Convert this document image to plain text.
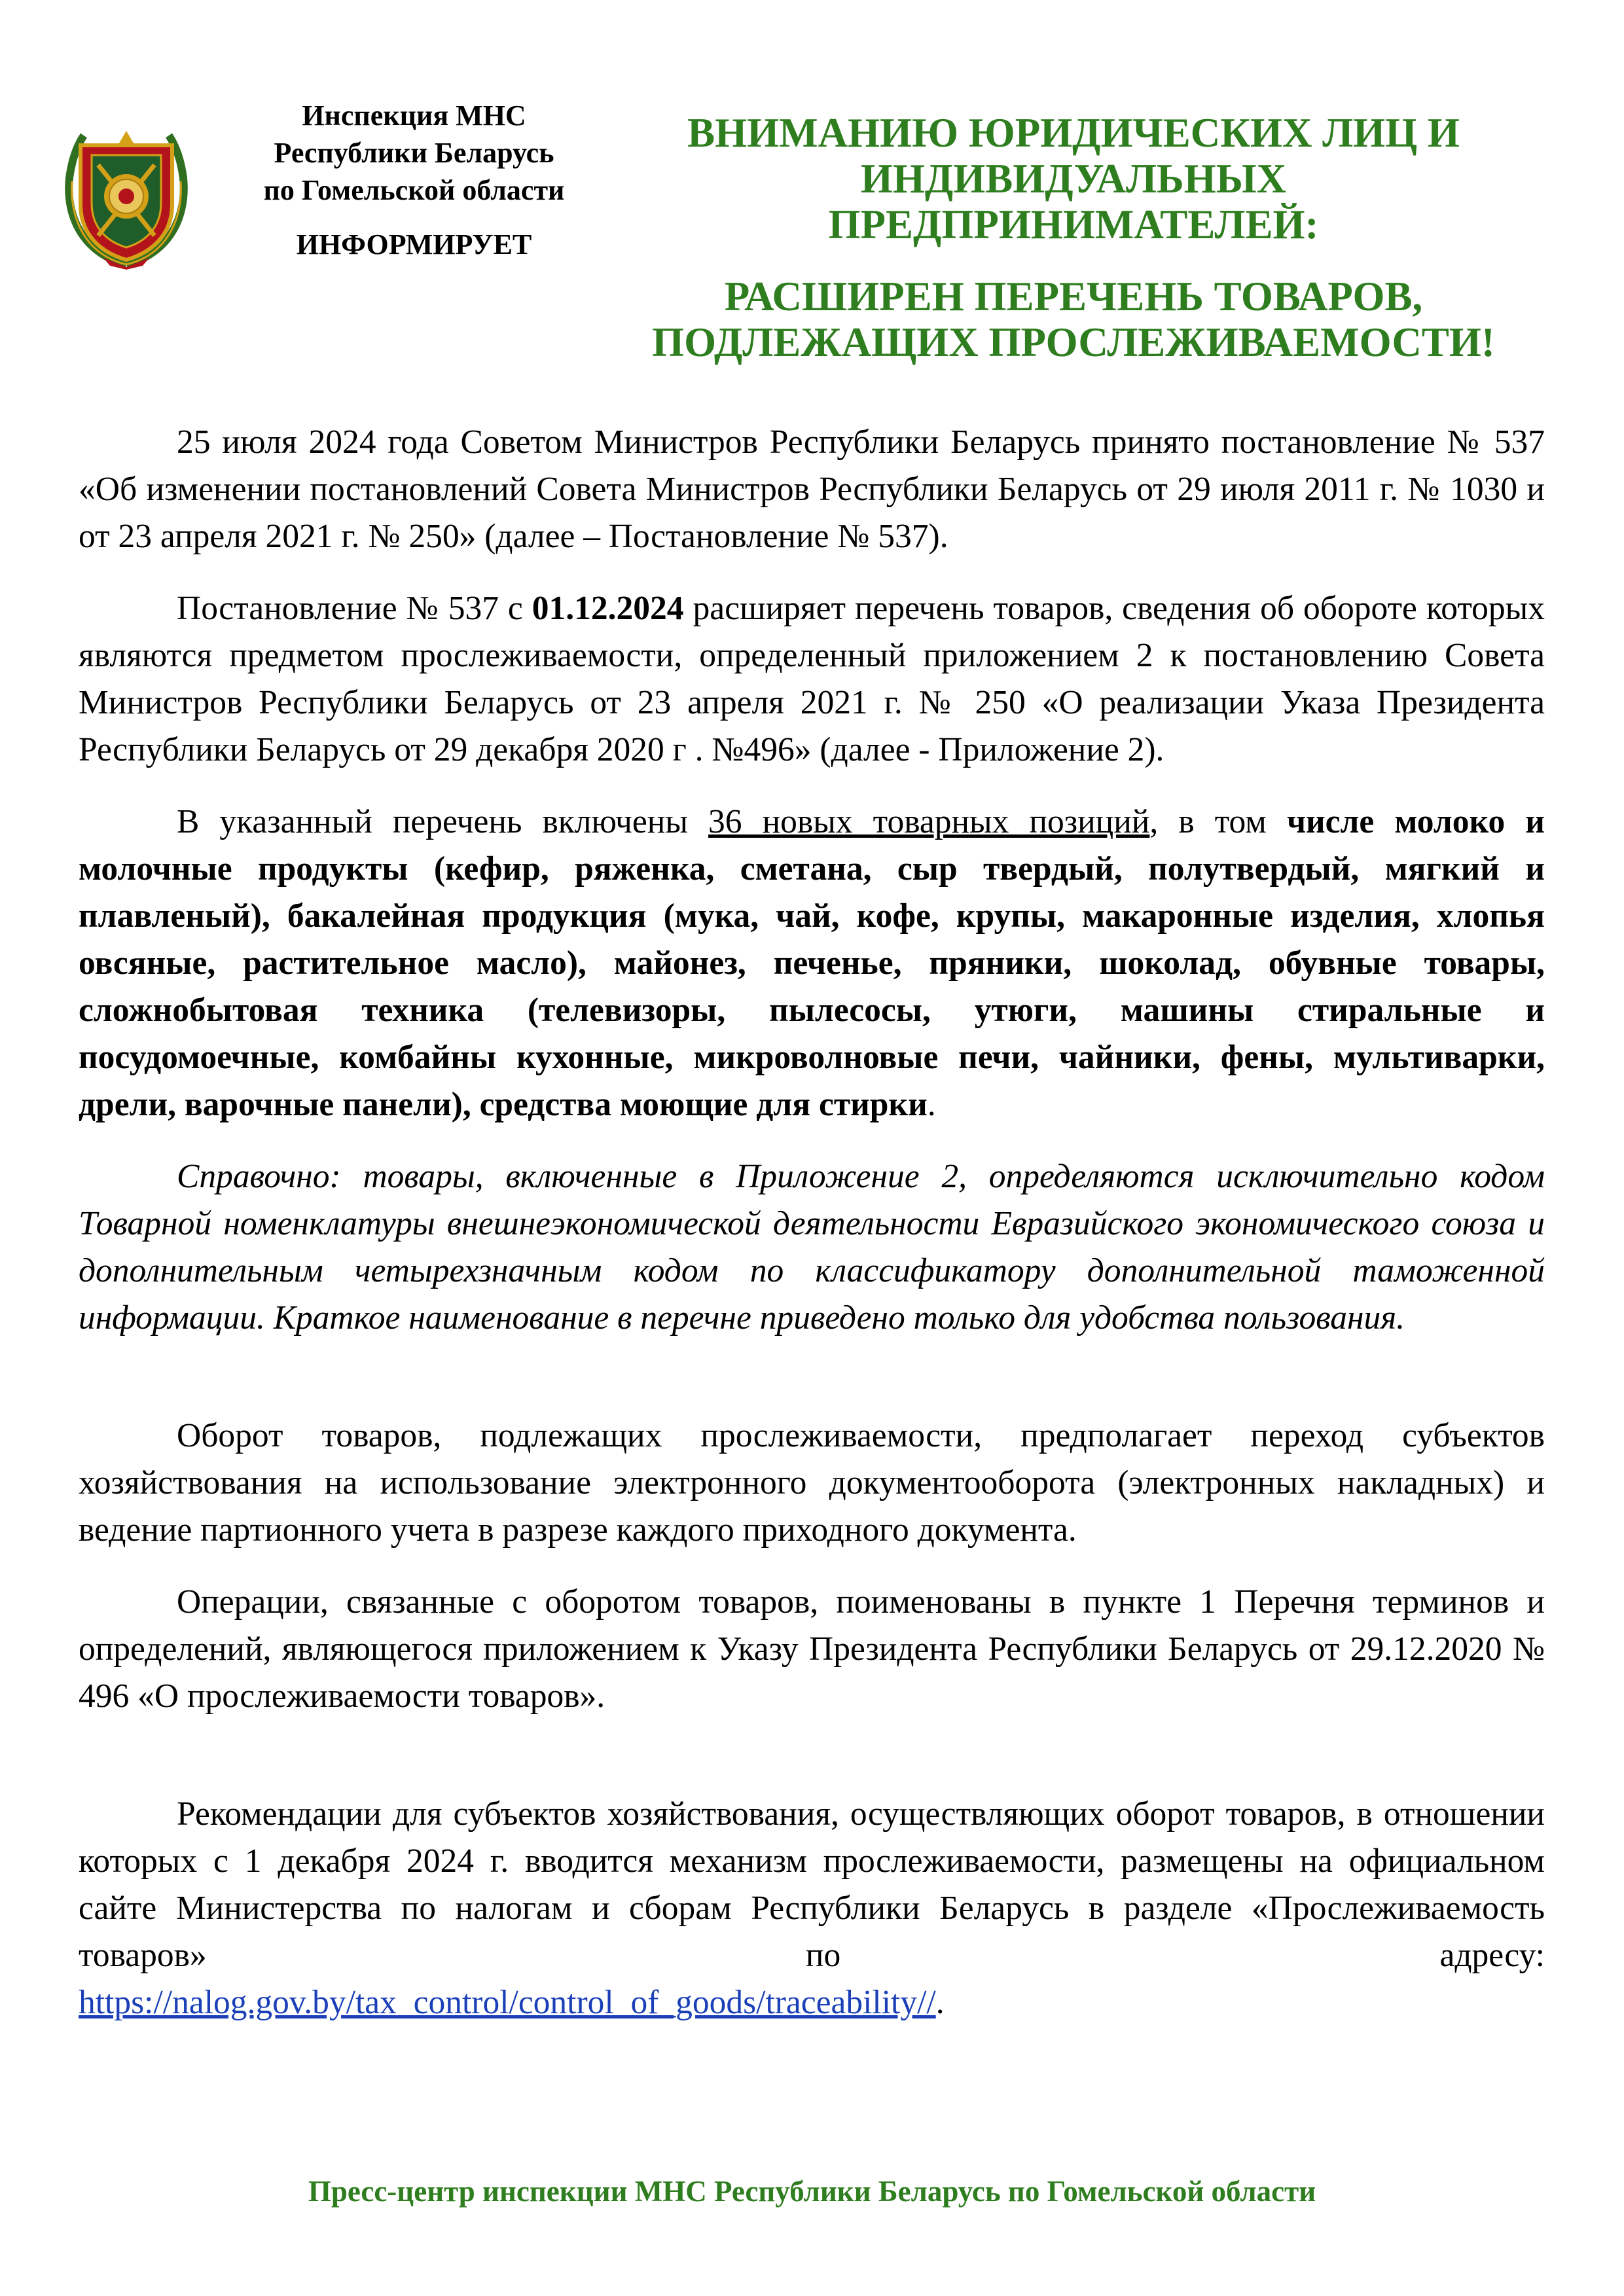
Инспекция МНС
Республики Беларусь
по Гомельской области
ИНФОРМИРУЕТ
ВНИМАНИЮ ЮРИДИЧЕСКИХ ЛИЦ И
ИНДИВИДУАЛЬНЫХ
ПРЕДПРИНИМАТЕЛЕЙ:
РАСШИРЕН ПЕРЕЧЕНЬ ТОВАРОВ,
ПОДЛЕЖАЩИХ ПРОСЛЕЖИВАЕМОСТИ!

25 июля 2024 года Советом Министров Республики Беларусь принято постановление № 537 «Об изменении постановлений Совета Министров Республики Беларусь от 29 июля 2011 г. № 1030 и от 23 апреля 2021 г. № 250» (далее – Постановление № 537).

Постановление № 537 с 01.12.2024 расширяет перечень товаров, сведения об обороте которых являются предметом прослеживаемости, определенный приложением 2 к постановлению Совета Министров Республики Беларусь от 23 апреля 2021 г. № 250 «О реализации Указа Президента Республики Беларусь от 29 декабря 2020 г . №496» (далее - Приложение 2).

В указанный перечень включены 36 новых товарных позиций, в том числе молоко и молочные продукты (кефир, ряженка, сметана, сыр твердый, полутвердый, мягкий и плавленый), бакалейная продукция (мука, чай, кофе, крупы, макаронные изделия, хлопья овсяные, растительное масло), майонез, печенье, пряники, шоколад, обувные товары, сложнобытовая техника (телевизоры, пылесосы, утюги, машины стиральные и посудомоечные, комбайны кухонные, микроволновые печи, чайники, фены, мультиварки, дрели, варочные панели), средства моющие для стирки.

Справочно: товары, включенные в Приложение 2, определяются исключительно кодом Товарной номенклатуры внешнеэкономической деятельности Евразийского экономического союза и дополнительным четырехзначным кодом по классификатору дополнительной таможенной информации. Краткое наименование в перечне приведено только для удобства пользования.

Оборот товаров, подлежащих прослеживаемости, предполагает переход субъектов хозяйствования на использование электронного документооборота (электронных накладных) и ведение партионного учета в разрезе каждого приходного документа.

Операции, связанные с оборотом товаров, поименованы в пункте 1 Перечня терминов и определений, являющегося приложением к Указу Президента Республики Беларусь от 29.12.2020 № 496 «О прослеживаемости товаров».

Рекомендации для субъектов хозяйствования, осуществляющих оборот товаров, в отношении которых с 1 декабря 2024 г. вводится механизм прослеживаемости, размещены на официальном сайте Министерства по налогам и сборам Республики Беларусь в разделе «Прослеживаемость товаров» по адресу:

https://nalog.gov.by/tax_control/control_of_goods/traceability//.

Пресс-центр инспекции МНС Республики Беларусь по Гомельской области
